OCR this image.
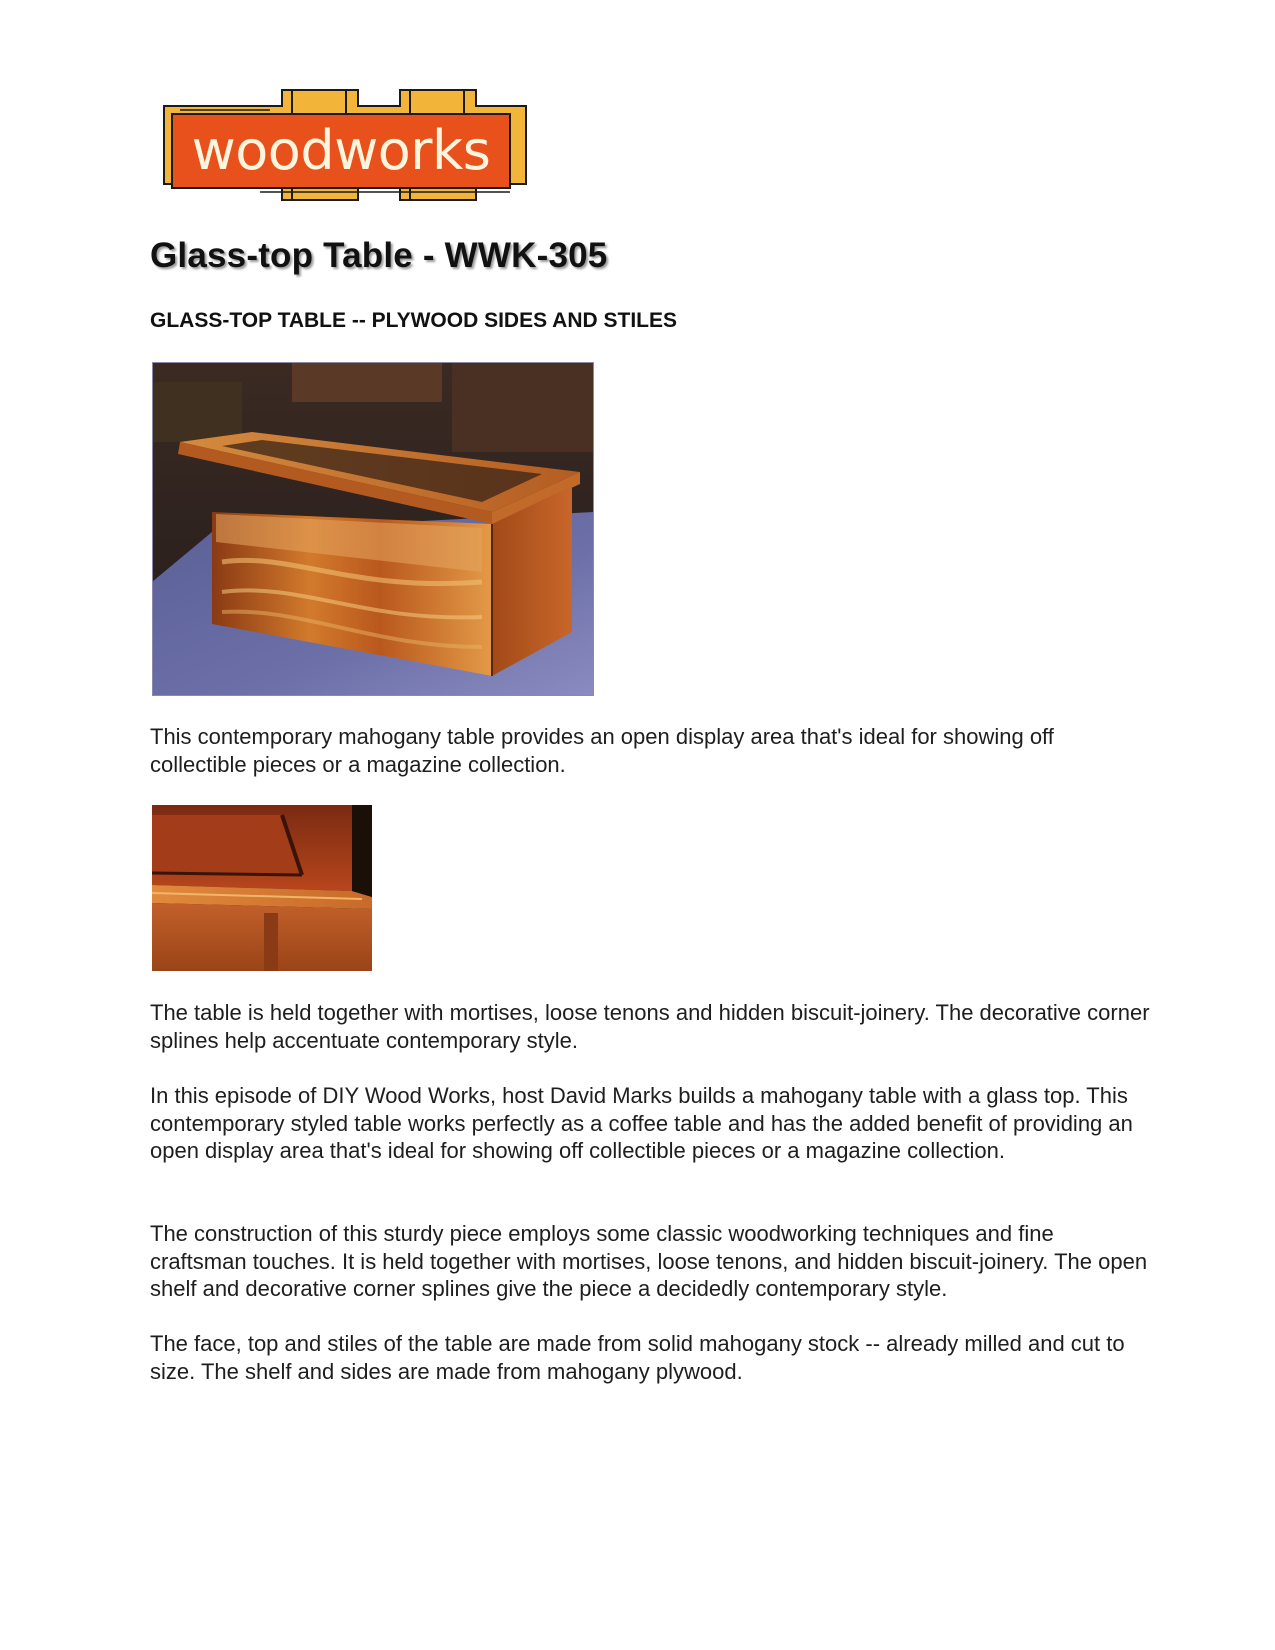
woodworks
Glass-top Table - WWK-305
GLASS-TOP TABLE -- PLYWOOD SIDES AND STILES

This contemporary mahogany table provides an open display area that's ideal for showing off collectible pieces or a magazine collection.

The table is held together with mortises, loose tenons and hidden biscuit-joinery. The decorative corner splines help accentuate contemporary style.

In this episode of DIY Wood Works, host David Marks builds a mahogany table with a glass top. This contemporary styled table works perfectly as a coffee table and has the added benefit of providing an open display area that's ideal for showing off collectible pieces or a magazine collection.

The construction of this sturdy piece employs some classic woodworking techniques and fine craftsman touches. It is held together with mortises, loose tenons, and hidden biscuit-joinery. The open shelf and decorative corner splines give the piece a decidedly contemporary style.

The face, top and stiles of the table are made from solid mahogany stock -- already milled and cut to size. The shelf and sides are made from mahogany plywood.
